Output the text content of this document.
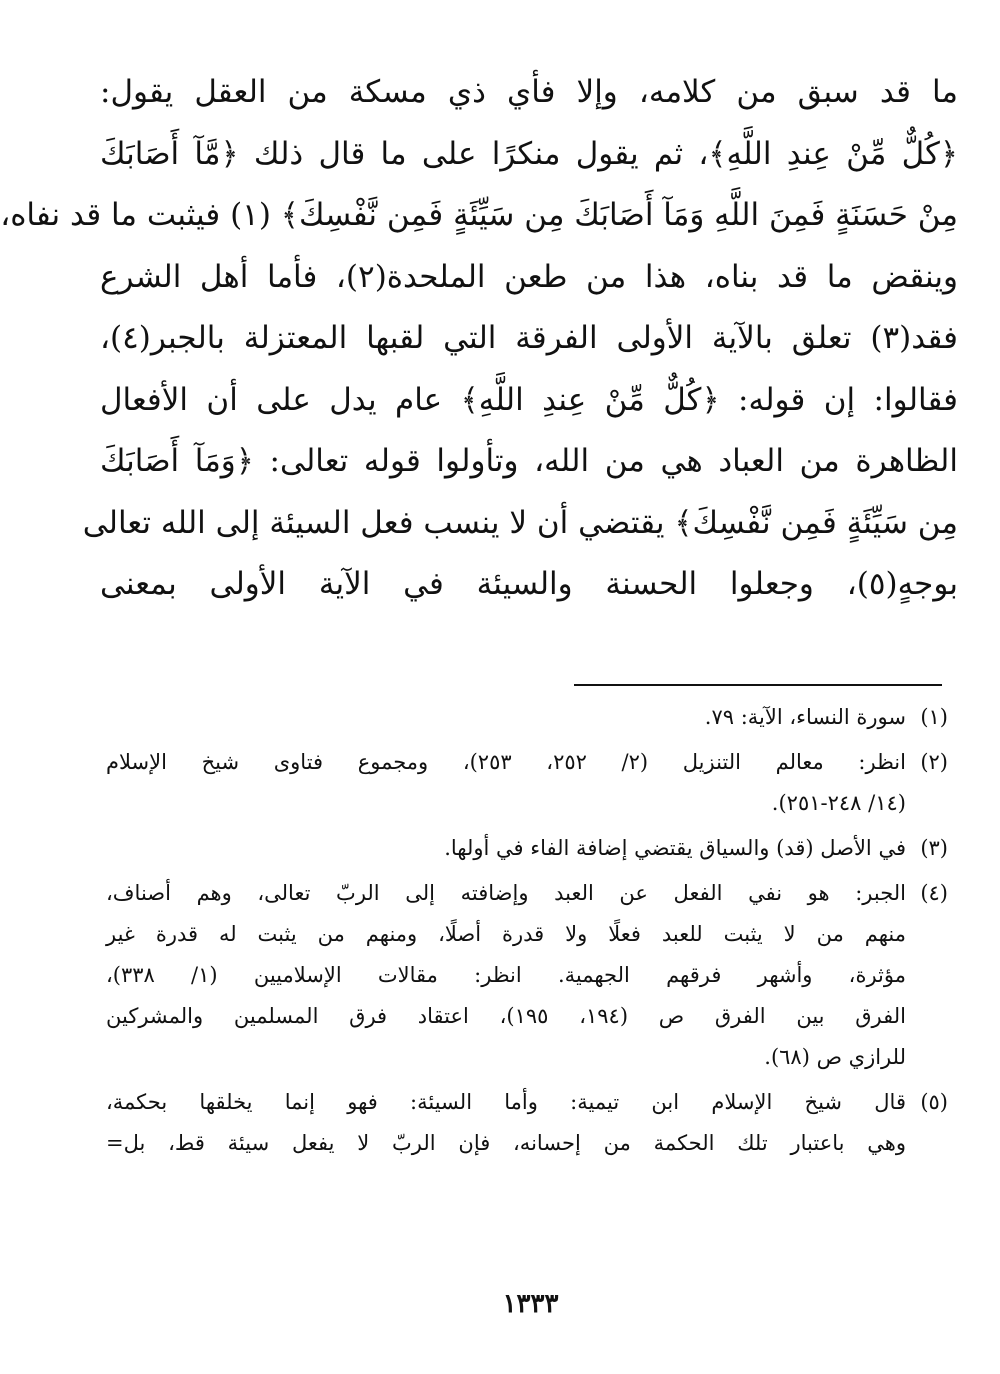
ما قد سبق من كلامه، وإلا فأي ذي مسكة من العقل يقول:
﴿كُلٌّ مِّنْ عِندِ اللَّهِ﴾، ثم يقول منكرًا على ما قال ذلك ﴿مَّآ أَصَابَكَ
مِنْ حَسَنَةٍ فَمِنَ اللَّهِ وَمَآ أَصَابَكَ مِن سَيِّئَةٍ فَمِن نَّفْسِكَ﴾ (١) فيثبت ما قد نفاه،
وينقض ما قد بناه، هذا من طعن الملحدة(٢)، فأما أهل الشرع
فقد(٣) تعلق بالآية الأولى الفرقة التي لقبها المعتزلة بالجبر(٤)،
فقالوا: إن قوله: ﴿كُلٌّ مِّنْ عِندِ اللَّهِ﴾ عام يدل على أن الأفعال
الظاهرة من العباد هي من الله، وتأولوا قوله تعالى: ﴿وَمَآ أَصَابَكَ
مِن سَيِّئَةٍ فَمِن نَّفْسِكَ﴾ يقتضي أن لا ينسب فعل السيئة إلى الله تعالى
بوجهٍ(٥)، وجعلوا الحسنة والسيئة في الآية الأولى بمعنى
(١)
سورة النساء، الآية: ٧٩.
(٢)
انظر: معالم التنزيل (٢/ ٢٥٢، ٢٥٣)، ومجموع فتاوى شيخ الإسلام
(١٤/ ٢٤٨-٢٥١).
(٣)
في الأصل (قد) والسياق يقتضي إضافة الفاء في أولها.
(٤)
الجبر: هو نفي الفعل عن العبد وإضافته إلى الربّ تعالى، وهم أصناف،
منهم من لا يثبت للعبد فعلًا ولا قدرة أصلًا، ومنهم من يثبت له قدرة غير
مؤثرة، وأشهر فرقهم الجهمية. انظر: مقالات الإسلاميين (١/ ٣٣٨)،
الفرق بين الفرق ص (١٩٤، ١٩٥)، اعتقاد فرق المسلمين والمشركين
للرازي ص (٦٨).
(٥)
قال شيخ الإسلام ابن تيمية: وأما السيئة: فهو إنما يخلقها بحكمة،
وهي باعتبار تلك الحكمة من إحسانه، فإن الربّ لا يفعل سيئة قط، بل=
١٣٣٣
